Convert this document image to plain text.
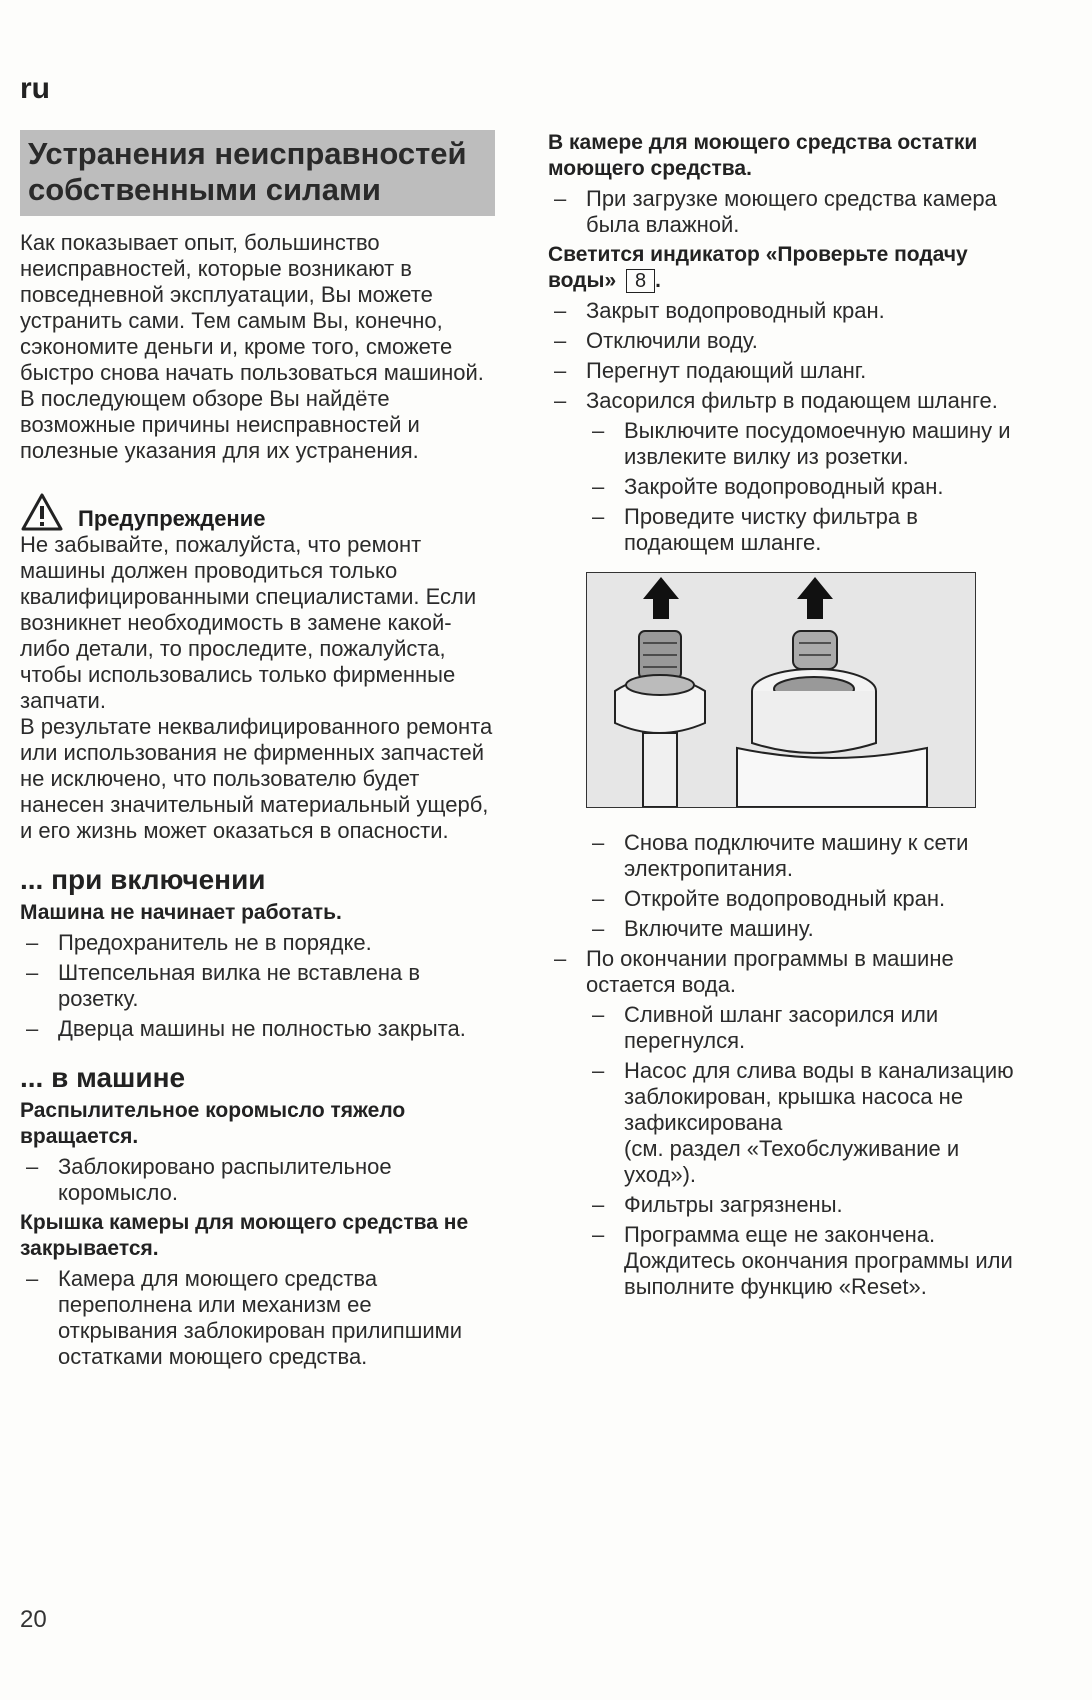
ru
Устранения неисправностей
собственными силами

Как показывает опыт, большинство неисправностей, которые возникают в повседневной эксплуатации, Вы можете устранить сами. Тем самым Вы, конечно, сэкономите деньги и, кроме того, сможете быстро снова начать пользоваться машиной. В последующем обзоре Вы найдёте возможные причины неисправностей и полезные указания для их устранения.

Предупреждение

Не забывайте, пожалуйста, что ремонт машины должен проводиться только квалифицированными специалистами. Если возникнет необходимость в замене какой-либо детали, то проследите, пожалуйста, чтобы использовались только фирменные запчати.

В результате неквалифицированного ремонта или использования не фирменных запчастей не исключено, что пользователю будет нанесен значительный материальный ущерб, и его жизнь может оказаться в опасности.

... при включении
Машина не начинает работать.
– Предохранитель не в порядке.
– Штепсельная вилка не вставлена в розетку.
– Дверца машины не полностью закрыта.
... в машине
Распылительное коромысло тяжело вращается.
– Заблокировано распылительное коромысло.
Крышка камеры для моющего средства не закрывается.
– Камера для моющего средства переполнена или механизм ее открывания заблокирован прилипшими остатками моющего средства.
В камере для моющего средства остатки моющего средства.
– При загрузке моющего средства камера была влажной.
Светится индикатор «Проверьте подачу воды» 8 .
– Закрыт водопроводный кран.
– Отключили воду.
– Перегнут подающий шланг.
– Засорился фильтр в подающем шланге.
– Выключите посудомоечную машину и извлеките вилку из розетки.
– Закройте водопроводный кран.
– Проведите чистку фильтра в подающем шланге.
– Снова подключите машину к сети электропитания.
– Откройте водопроводный кран.
– Включите машину.
– По окончании программы в машине остается вода.
– Сливной шланг засорился или перегнулся.
– Насос для слива воды в канализацию заблокирован, крышка насоса не зафиксирована
(см. раздел «Техобслуживание и уход»).
– Фильтры загрязнены.
– Программа еще не закончена. Дождитесь окончания программы или выполните функцию «Reset».
20
